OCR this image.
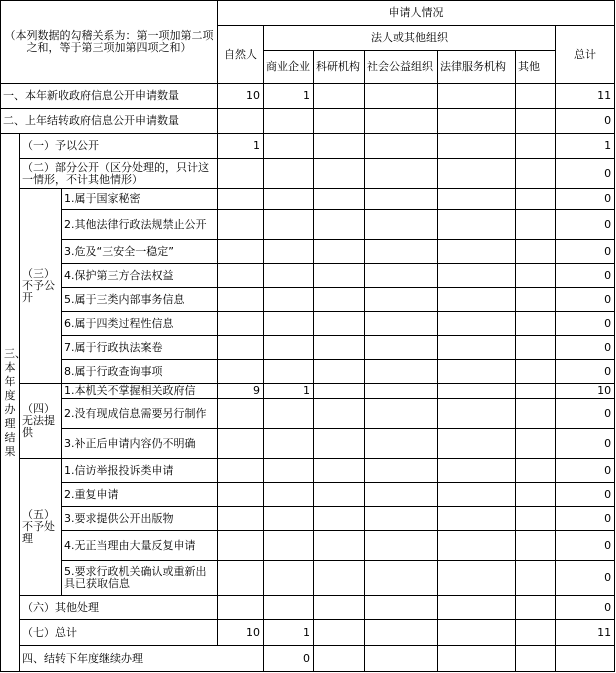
（本列数据的勾稽关系为：第一项加第二项之和，等于第三项加第四项之和）			申请人情况							
			自然人	法人或其他组织					总计	
				商业企业	科研机构	社会公益组织	法律服务机构	其他		
一、本年新收政府信息公开申请数量			10	1					11	
二、上年结转政府信息公开申请数量									0	
三、本年度办理结果	（一）予以公开		1						1	
	（二）部分公开（区分处理的，只计这一情形，不计其他情形）								0	
	（三）不予公开	1.属于国家秘密							0	
		2.其他法律行政法规禁止公开							0	
		3.危及“三安全一稳定”							0	
		4.保护第三方合法权益							0	
		5.属于三类内部事务信息							0	
		6.属于四类过程性信息							0	
		7.属于行政执法案卷							0	
		8.属于行政查询事项							0	
	（四）无法提供	1.本机关不掌握相关政府信	9	1					10	
		2.没有现成信息需要另行制作							0	
		3.补正后申请内容仍不明确							0	
	（五）不予处理	1.信访举报投诉类申请							0	
		2.重复申请							0	
		3.要求提供公开出版物							0	
		4.无正当理由大量反复申请							0	
		5.要求行政机关确认或重新出具已获取信息							0	
	（六）其他处理								0	
	（七）总计		10	1					11	
	四、结转下年度继续办理			0						
